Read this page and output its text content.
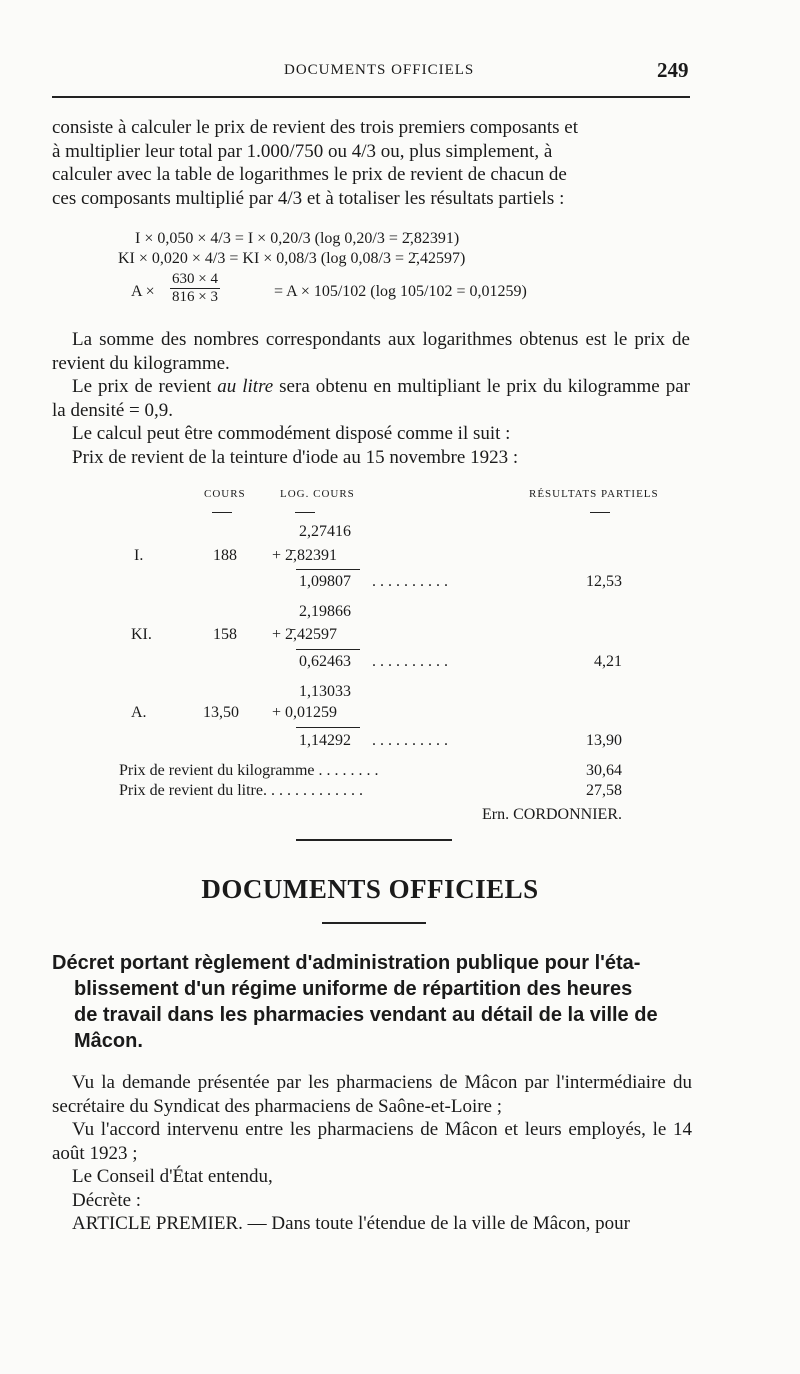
DOCUMENTS OFFICIELS	249

consiste à calculer le prix de revient des trois premiers composants et

à multiplier leur total par 1.000/750 ou 4/3 ou, plus simplement, à

calculer avec la table de logarithmes le prix de revient de chacun de

ces composants multiplié par 4/3 et à totaliser les résultats partiels :

I × 0,050 × 4/3 = I × 0,20/3 (log 0,20/3 = 2̄,82391)
KI × 0,020 × 4/3 = KI × 0,08/3 (log 0,08/3 = 2̄,42597)
$A \times \frac{630 \times 4}{816 \times 3}$	= A × 105/102 (log 105/102 = 0,01259)

La somme des nombres correspondants aux logarithmes obtenus est le prix de revient du kilogramme.

Le prix de revient au litre sera obtenu en multipliant le prix du kilogramme par la densité = 0,9.

Le calcul peut être commodément disposé comme il suit :

Prix de revient de la teinture d'iode au 15 novembre 1923 :

COURS	LOG. COURS	RÉSULTATS PARTIELS
2,27416
I.	188 + 2̄,82391
1,09807 . . . . . . . . . .	12,53
2,19866
KI.	158 + 2̄,42597
0,62463 . . . . . . . . . .	4,21
1,13033
A.	13,50 + 0,01259
1,14292 . . . . . . . . . .	13,90
Prix de revient du kilogramme . . . . . . . .	30,64
Prix de revient du litre. . . . . . . . . . . . .	27,58
Ern. CORDONNIER.
DOCUMENTS OFFICIELS
Décret portant règlement d'administration publique pour l'éta-
blissement d'un régime uniforme de répartition des heures
de travail dans les pharmacies vendant au détail de la ville de
Mâcon.

Vu la demande présentée par les pharmaciens de Mâcon par l'intermédiaire du secrétaire du Syndicat des pharmaciens de Saône-et-Loire ;

Vu l'accord intervenu entre les pharmaciens de Mâcon et leurs employés, le 14 août 1923 ;

Le Conseil d'État entendu,

Décrète :

ARTICLE PREMIER. — Dans toute l'étendue de la ville de Mâcon, pour
